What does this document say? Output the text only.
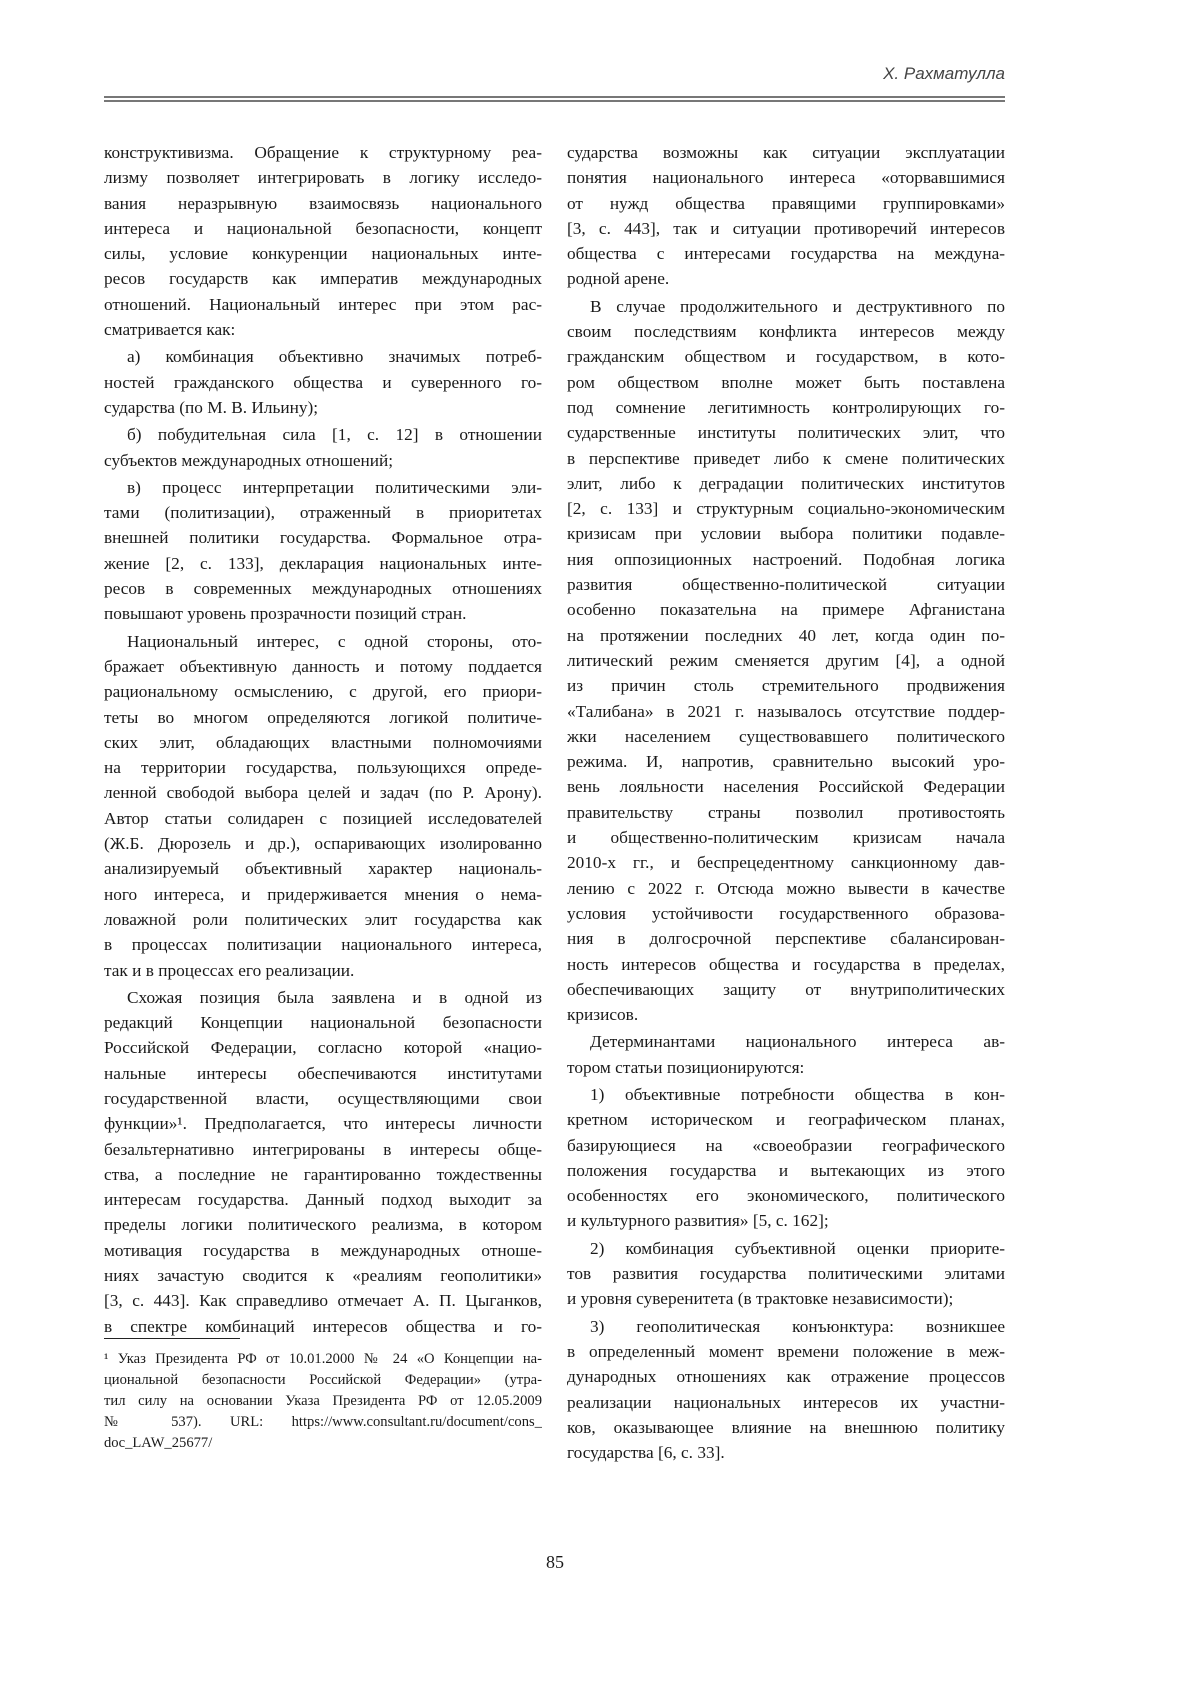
Х. Рахматулла
конструктивизма. Обращение к структурному реа-
лизму позволяет интегрировать в логику исследо-
вания неразрывную взаимосвязь национального
интереса и национальной безопасности, концепт
силы, условие конкуренции национальных инте-
ресов государств как императив международных
отношений. Национальный интерес при этом рас-
сматривается как:
а) комбинация объективно значимых потреб-
ностей гражданского общества и суверенного го-
сударства (по М. В. Ильину);
б) побудительная сила [1, с. 12] в отношении
субъектов международных отношений;
в) процесс интерпретации политическими эли-
тами (политизации), отраженный в приоритетах
внешней политики государства. Формальное отра-
жение [2, с. 133], декларация национальных инте-
ресов в современных международных отношениях
повышают уровень прозрачности позиций стран.
Национальный интерес, с одной стороны, ото-
бражает объективную данность и потому поддается
рациональному осмыслению, с другой, его приори-
теты во многом определяются логикой политиче-
ских элит, обладающих властными полномочиями
на территории государства, пользующихся опреде-
ленной свободой выбора целей и задач (по Р. Арону).
Автор статьи солидарен с позицией исследователей
(Ж.Б. Дюрозель и др.), оспаривающих изолированно
анализируемый объективный характер националь-
ного интереса, и придерживается мнения о нема-
ловажной роли политических элит государства как
в процессах политизации национального интереса,
так и в процессах его реализации.
Схожая позиция была заявлена и в одной из
редакций Концепции национальной безопасности
Российской Федерации, согласно которой «нацио-
нальные интересы обеспечиваются институтами
государственной власти, осуществляющими свои
функции»¹. Предполагается, что интересы личности
безальтернативно интегрированы в интересы обще-
ства, а последние не гарантированно тождественны
интересам государства. Данный подход выходит за
пределы логики политического реализма, в котором
мотивация государства в международных отноше-
ниях зачастую сводится к «реалиям геополитики»
[3, с. 443]. Как справедливо отмечает А. П. Цыганков,
в спектре комбинаций интересов общества и го-
сударства возможны как ситуации эксплуатации
понятия национального интереса «оторвавшимися
от нужд общества правящими группировками»
[3, с. 443], так и ситуации противоречий интересов
общества с интересами государства на междуна-
родной арене.
В случае продолжительного и деструктивного по
своим последствиям конфликта интересов между
гражданским обществом и государством, в кото-
ром обществом вполне может быть поставлена
под сомнение легитимность контролирующих го-
сударственные институты политических элит, что
в перспективе приведет либо к смене политических
элит, либо к деградации политических институтов
[2, с. 133] и структурным социально-экономическим
кризисам при условии выбора политики подавле-
ния оппозиционных настроений. Подобная логика
развития общественно-политической ситуации
особенно показательна на примере Афганистана
на протяжении последних 40 лет, когда один по-
литический режим сменяется другим [4], а одной
из причин столь стремительного продвижения
«Талибана» в 2021 г. называлось отсутствие поддер-
жки населением существовавшего политического
режима. И, напротив, сравнительно высокий уро-
вень лояльности населения Российской Федерации
правительству страны позволил противостоять
и общественно-политическим кризисам начала
2010-х гг., и беспрецедентному санкционному дав-
лению с 2022 г. Отсюда можно вывести в качестве
условия устойчивости государственного образова-
ния в долгосрочной перспективе сбалансирован-
ность интересов общества и государства в пределах,
обеспечивающих защиту от внутриполитических
кризисов.
Детерминантами национального интереса ав-
тором статьи позиционируются:
1) объективные потребности общества в кон-
кретном историческом и географическом планах,
базирующиеся на «своеобразии географического
положения государства и вытекающих из этого
особенностях его экономического, политического
и культурного развития» [5, с. 162];
2) комбинация субъективной оценки приорите-
тов развития государства политическими элитами
и уровня суверенитета (в трактовке независимости);
3) геополитическая конъюнктура: возникшее
в определенный момент времени положение в меж-
дународных отношениях как отражение процессов
реализации национальных интересов их участни-
ков, оказывающее влияние на внешнюю политику
государства [6, с. 33].
¹ Указ Президента РФ от 10.01.2000 № 24 «О Концепции на-
циональной безопасности Российской Федерации» (утра-
тил силу на основании Указа Президента РФ от 12.05.2009
№ 537). URL: https://www.consultant.ru/document/cons_
doc_LAW_25677/
85
